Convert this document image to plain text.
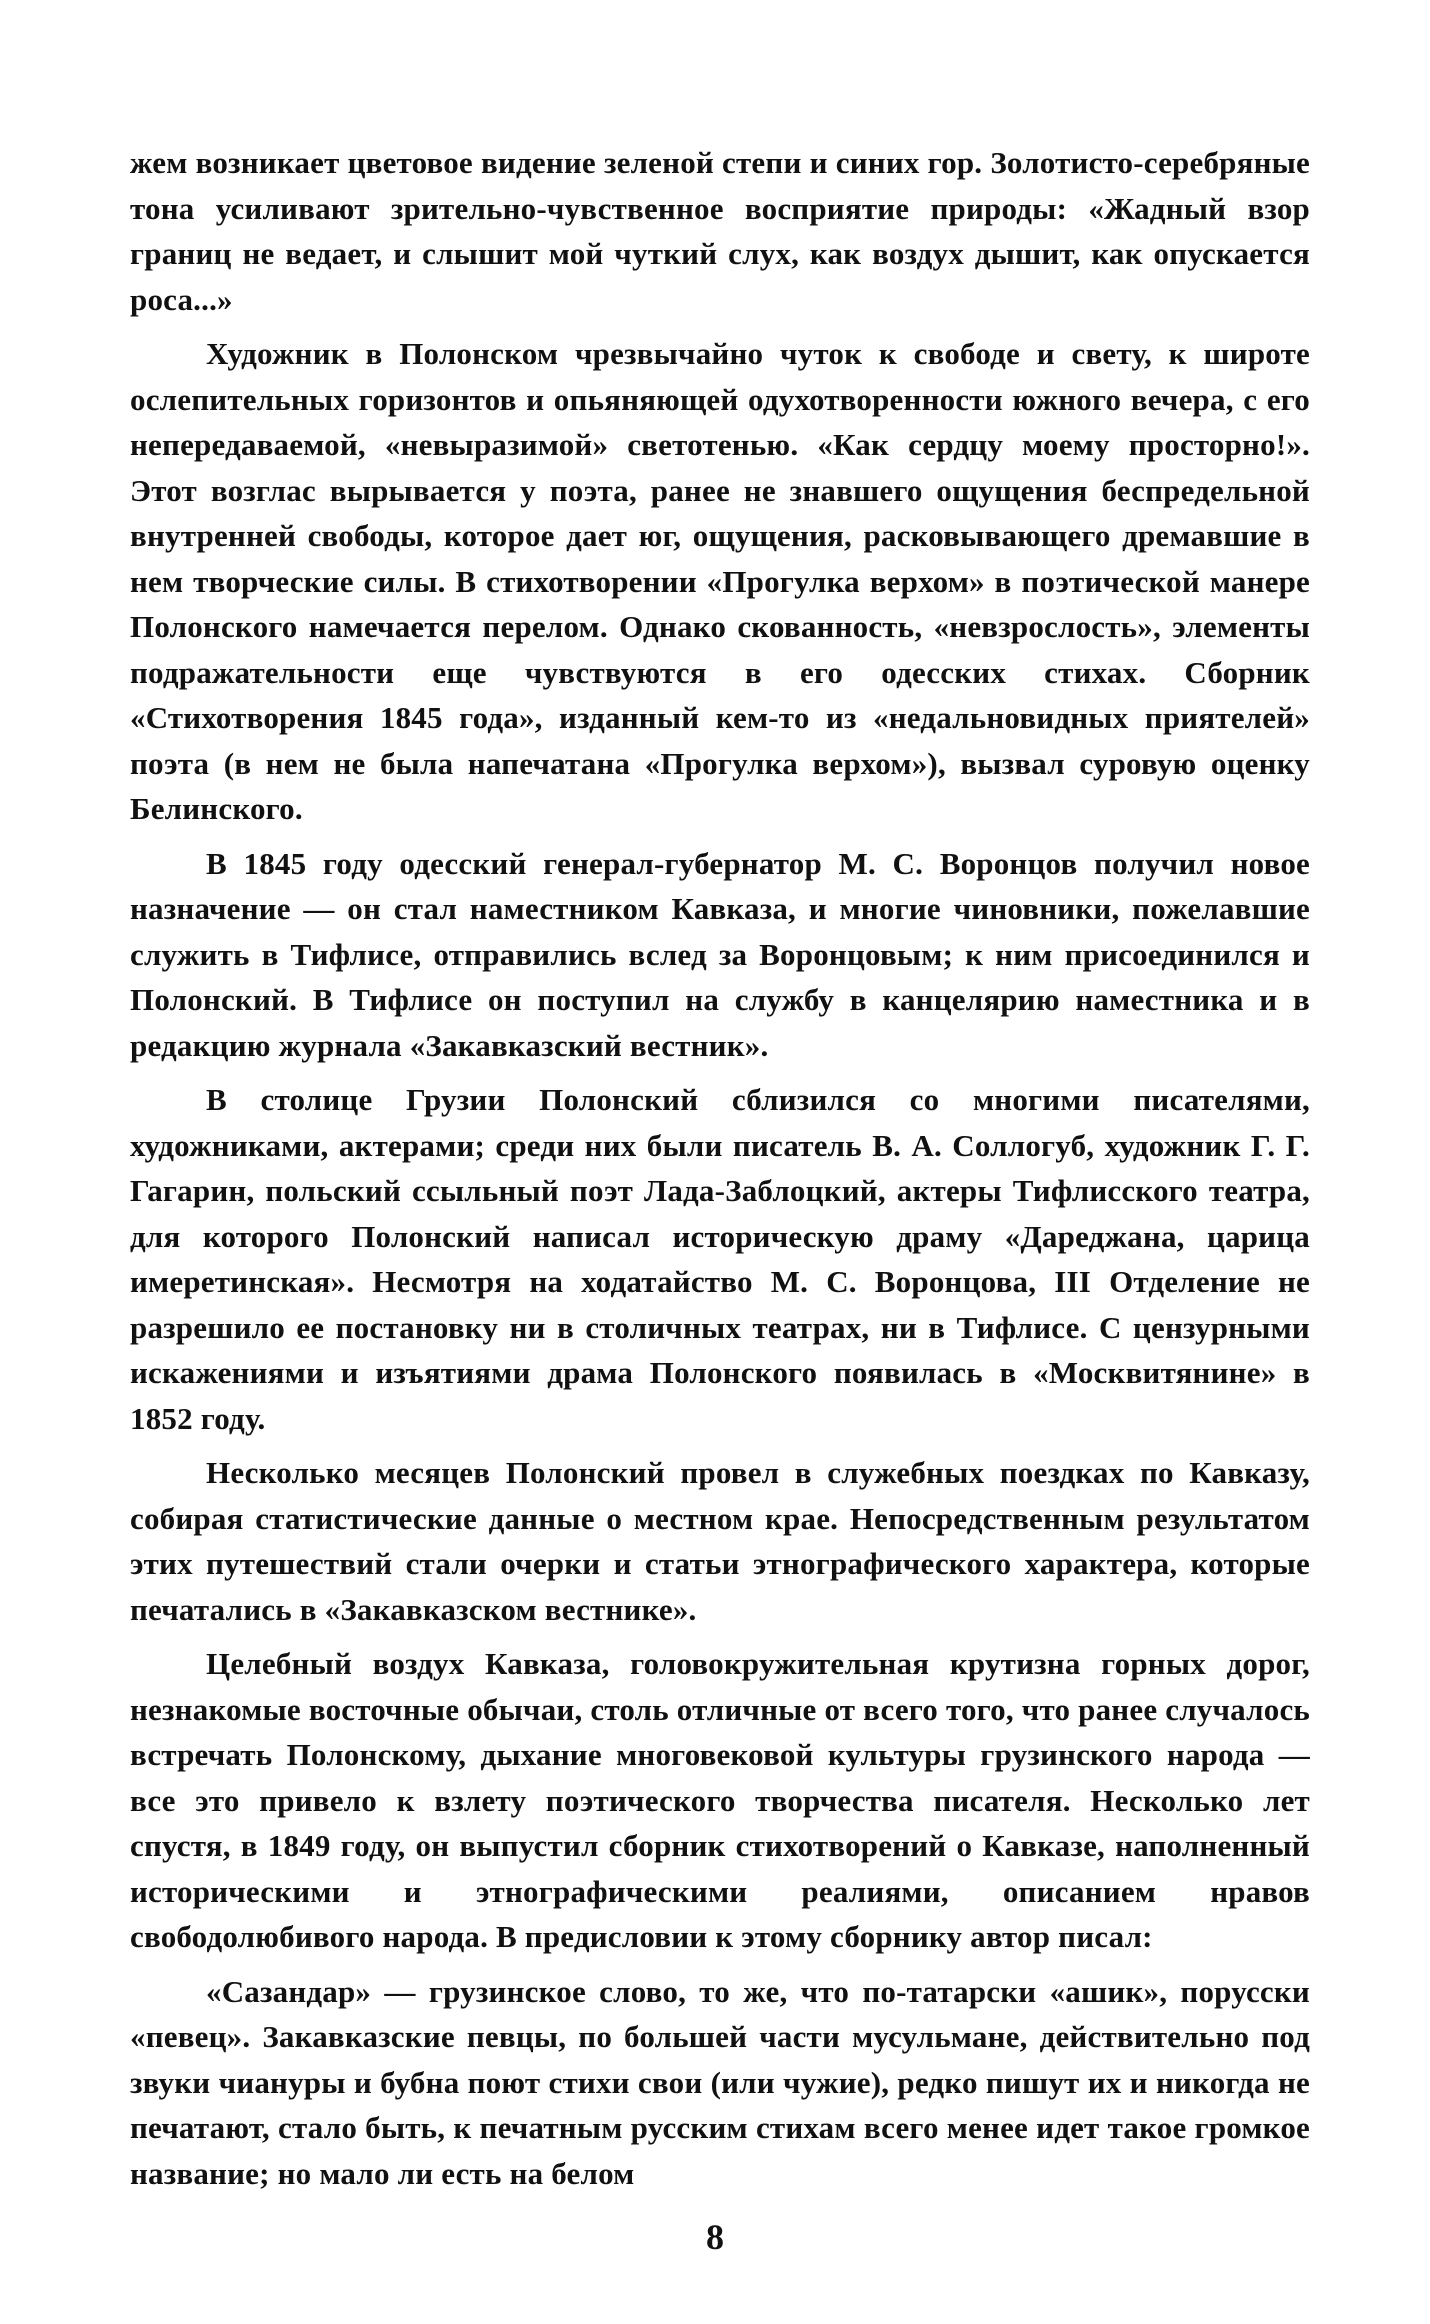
жем возникает цветовое видение зеленой степи и синих гор. Золотисто-серебряные тона усиливают зрительно-чувственное восприятие природы: «Жадный взор границ не ведает, и слышит мой чуткий слух, как воздух дышит, как опускается роса...»

Художник в Полонском чрезвычайно чуток к свободе и свету, к широте ослепительных горизонтов и опьяняющей одухотворенности южного вечера, с его непередаваемой, «невыразимой» светотенью. «Как сердцу моему просторно!». Этот возглас вырывается у поэта, ранее не знавшего ощущения беспредельной внутренней свободы, которое дает юг, ощущения, расковывающего дремавшие в нем творческие силы. В стихотворении «Прогулка верхом» в поэтической манере Полонского намечается перелом. Однако скованность, «невзрослость», элементы подражательности еще чувствуются в его одесских стихах. Сборник «Стихотворения 1845 года», изданный кем-то из «недальновидных приятелей» поэта (в нем не была напечатана «Прогулка верхом»), вызвал суровую оценку Белинского.

В 1845 году одесский генерал-губернатор М. С. Воронцов получил новое назначение — он стал наместником Кавказа, и многие чиновники, пожелавшие служить в Тифлисе, отправились вслед за Воронцовым; к ним присоединился и Полонский. В Тифлисе он поступил на службу в канцелярию наместника и в редакцию журнала «Закавказский вестник».

В столице Грузии Полонский сблизился со многими писателями, художниками, актерами; среди них были писатель В. А. Соллогуб, художник Г. Г. Гагарин, польский ссыльный поэт Лада-Заблоцкий, актеры Тифлисского театра, для которого Полонский написал историческую драму «Дареджана, царица имеретинская». Несмотря на ходатайство М. С. Воронцова, III Отделение не разрешило ее постановку ни в столичных театрах, ни в Тифлисе. С цензурными искажениями и изъятиями драма Полонского появилась в «Москвитянине» в 1852 году.

Несколько месяцев Полонский провел в служебных поездках по Кавказу, собирая статистические данные о местном крае. Непосредственным результатом этих путешествий стали очерки и статьи этнографического характера, которые печатались в «Закавказском вестнике».

Целебный воздух Кавказа, головокружительная крутизна горных дорог, незнакомые восточные обычаи, столь отличные от всего того, что ранее случалось встречать Полонскому, дыхание многовековой культуры грузинского народа — все это привело к взлету поэтического творчества писателя. Несколько лет спустя, в 1849 году, он выпустил сборник стихотворений о Кавказе, наполненный историческими и этнографическими реалиями, описанием нравов свободолюбивого народа. В предисловии к этому сборнику автор писал:

«Сазандар» — грузинское слово, то же, что по-татарски «ашик», порусски «певец». Закавказские певцы, по большей части мусульмане, действительно под звуки чиануры и бубна поют стихи свои (или чужие), редко пишут их и никогда не печатают, стало быть, к печатным русским стихам всего менее идет такое громкое название; но мало ли есть на белом

8
